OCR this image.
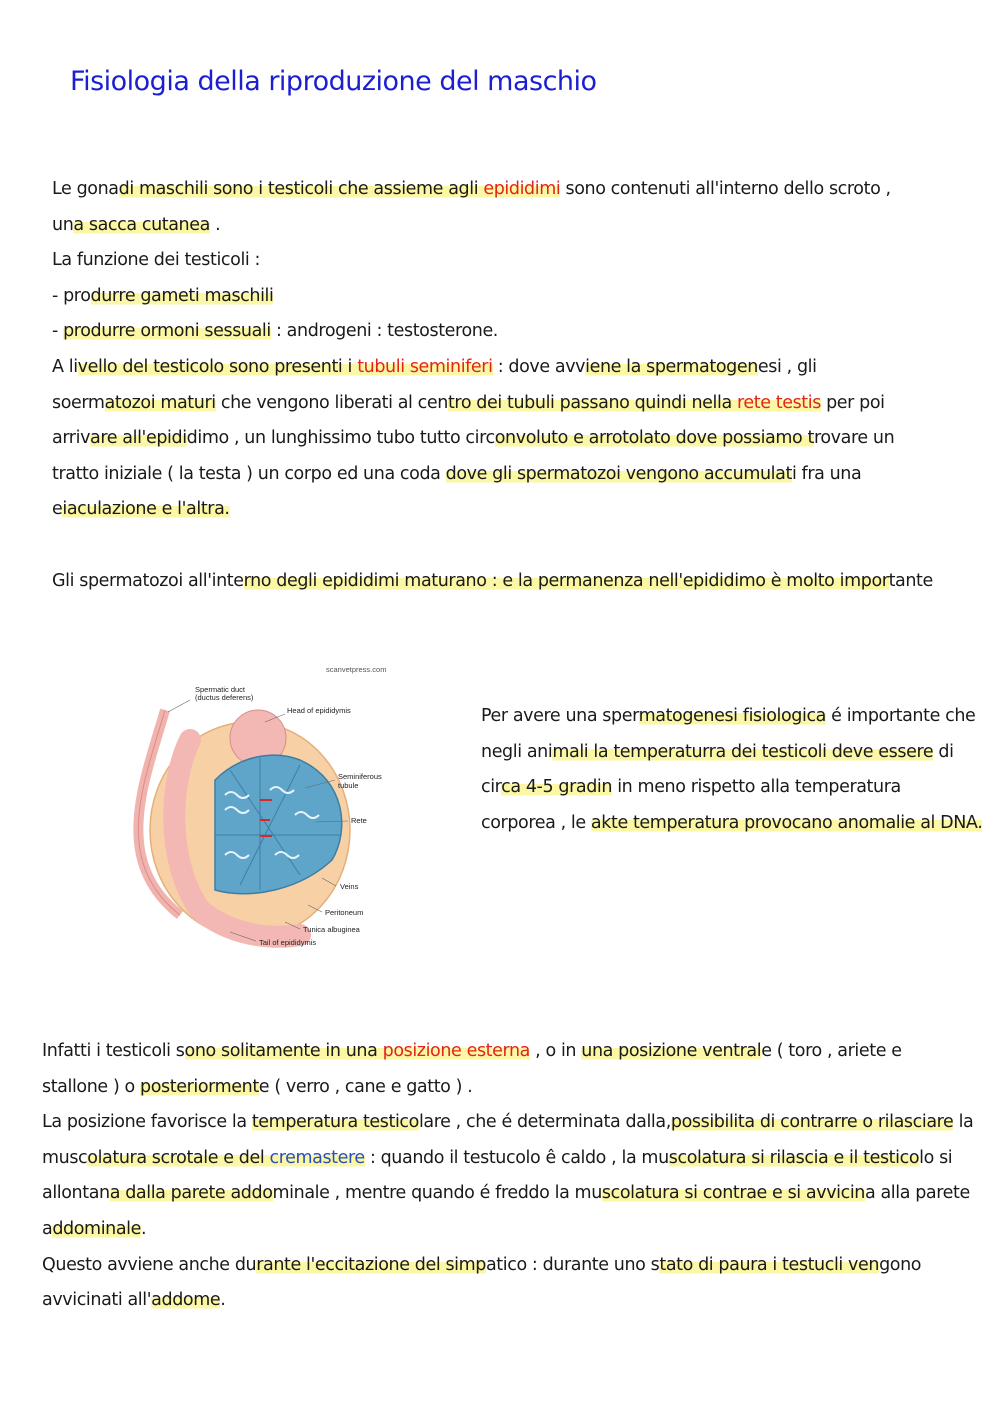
Fisiologia della riproduzione del maschio
Le gonadi maschili sono i testicoli che assieme agli epididimi sono contenuti all'interno dello scroto ,
una sacca cutanea .
La funzione dei testicoli :
- produrre gameti maschili
- produrre ormoni sessuali : androgeni : testosterone.
A livello del testicolo sono presenti i tubuli seminiferi : dove avviene la spermatogenesi , gli
soermatozoi maturi che vengono liberati al centro dei tubuli passano quindi nella rete testis per poi
arrivare all'epididimo , un lunghissimo tubo tutto circonvoluto e arrotolato dove possiamo trovare un
tratto iniziale ( la testa ) un corpo ed una coda dove gli spermatozoi vengono accumulati fra una
eiaculazione e l'altra.
Gli spermatozoi all'interno degli epididimi maturano : e la permanenza nell'epididimo è molto importante
scanvetpress.com
Spermatic duct
(ductus deferens)
Head of epididymis
Seminiferous
tubule
Rete
Veins
Peritoneum
Tunica albuginea
Tail of epididymis
Per avere una spermatogenesi fisiologica é importante che
negli animali la temperaturra dei testicoli deve essere di
circa 4-5 gradin in meno rispetto alla temperatura
corporea , le akte temperatura provocano anomalie al DNA.
Infatti i testicoli sono solitamente in una posizione esterna , o in una posizione ventrale ( toro , ariete e
stallone ) o posteriormente ( verro , cane e gatto ) .
La posizione favorisce la temperatura testicolare , che é determinata dalla,possibilita di contrarre o rilasciare la
muscolatura scrotale e del cremastere : quando il testucolo ê caldo , la muscolatura si rilascia e il testicolo si
allontana dalla parete addominale , mentre quando é freddo la muscolatura si contrae e si avvicina alla parete
addominale.
Questo avviene anche durante l'eccitazione del simpatico : durante uno stato di paura i testucli vengono
avvicinati all'addome.
